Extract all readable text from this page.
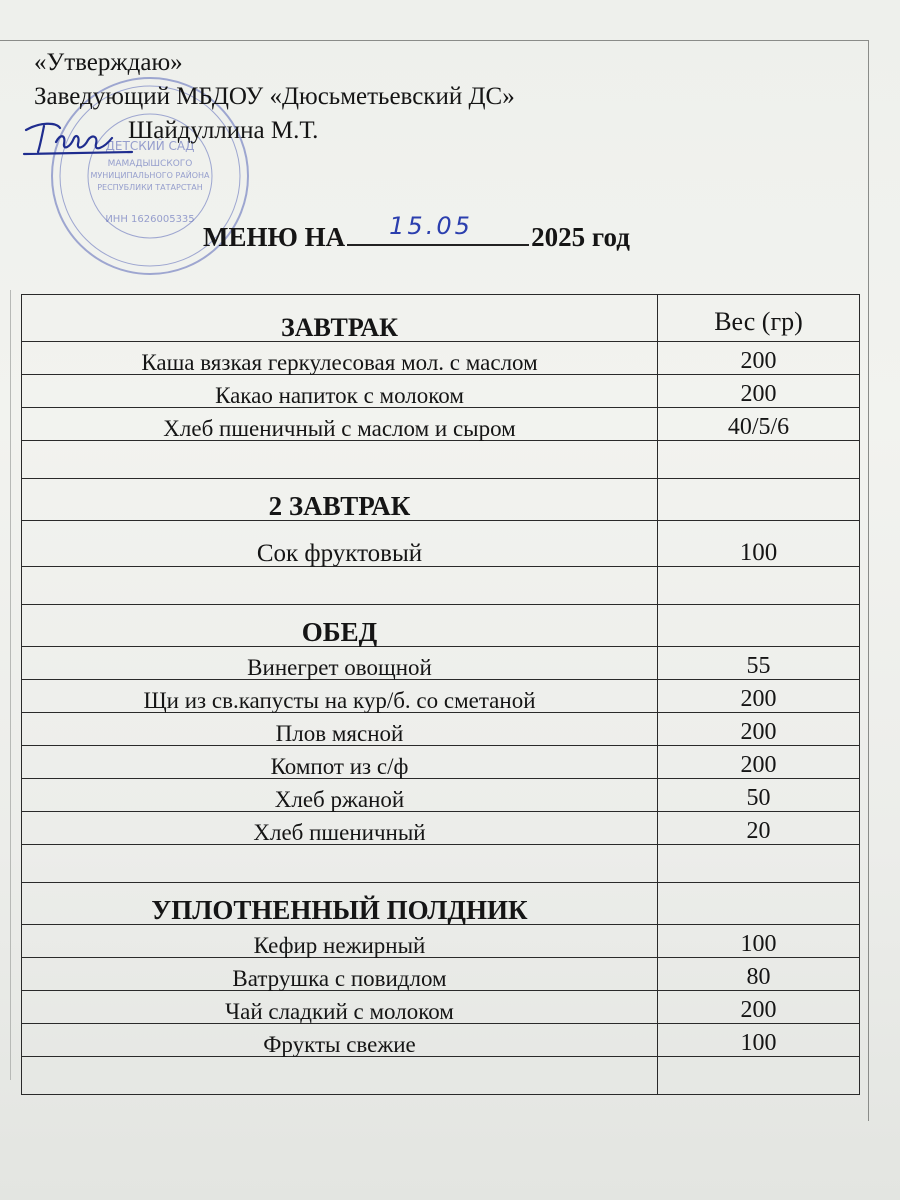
ДЕТСКИЙ САД
МАМАДЫШСКОГО
МУНИЦИПАЛЬНОГО РАЙОНА
РЕСПУБЛИКИ ТАТАРСТАН
ИНН 1626005335
«Утверждаю»
Заведующий МБДОУ «Дюсьметьевский ДС»
Шайдуллина М.Т.
МЕНЮ НА 15.05 2025 год
ЗАВТРАК	Вес (гр)
Каша вязкая геркулесовая мол. с маслом	200
Какао напиток с молоком	200
Хлеб пшеничный с маслом и сыром	40/5/6

2 ЗАВТРАК	
Сок фруктовый	100

ОБЕД	
Винегрет овощной	55
Щи из св.капусты на кур/б. со сметаной	200
Плов мясной	200
Компот из с/ф	200
Хлеб ржаной	50
Хлеб пшеничный	20

УПЛОТНЕННЫЙ ПОЛДНИК	
Кефир нежирный	100
Ватрушка с повидлом	80
Чай сладкий с молоком	200
Фрукты свежие	100
